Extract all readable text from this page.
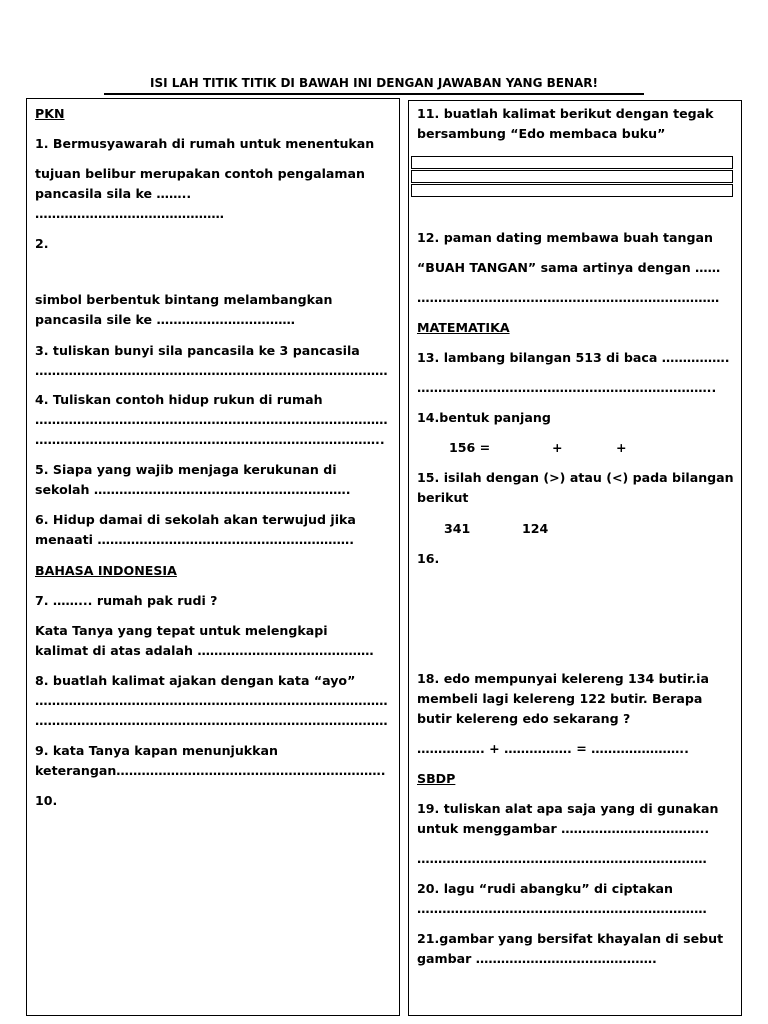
ISI LAH TITIK TITIK DI BAWAH INI DENGAN JAWABAN YANG BENAR!
PKN
1. Bermusyawarah di rumah untuk menentukan
tujuan belibur merupakan contoh pengalaman
pancasila sila ke ……..
………………………………………
2.
simbol berbentuk bintang melambangkan
pancasila sile ke ……………………………
3. tuliskan bunyi sila pancasila ke 3 pancasila
…………………………………………………………………………
4. Tuliskan contoh hidup rukun di rumah
…………………………………………………………………………
………………………………………………………………………..
5. Siapa yang wajib menjaga kerukunan di
sekolah …………………………………………………….
6. Hidup damai di sekolah akan terwujud jika
menaati …………………………………………………….
BAHASA INDONESIA
7. ……... rumah pak rudi ?
Kata Tanya yang tepat untuk melengkapi
kalimat di atas adalah ……………………………………
8. buatlah kalimat ajakan dengan kata “ayo”
…………………………………………………………………………
…………………………………………………………………………
9. kata Tanya kapan menunjukkan
keterangan……………………………………………………….
10.
11. buatlah kalimat berikut dengan tegak
bersambung “Edo membaca buku”
12. paman dating membawa buah tangan
“BUAH TANGAN” sama artinya dengan ……
………………………………………………………………
MATEMATIKA
13. lambang bilangan 513 di baca …………….
……………………………………………………………..
14.bentuk panjang
156 =	+	+
15. isilah dengan (>) atau (<) pada bilangan
berikut
341	124
16.
18. edo mempunyai kelereng 134 butir.ia
membeli lagi kelereng 122 butir. Berapa
butir kelereng edo sekarang ?
……………. + ……………. = …………………..
SBDP
19. tuliskan alat apa saja yang di gunakan
untuk menggambar ……………………………..
……………………………………………………………
20. lagu “rudi abangku” di ciptakan
……………………………………………………………
21.gambar yang bersifat khayalan di sebut
gambar …………………………………….
